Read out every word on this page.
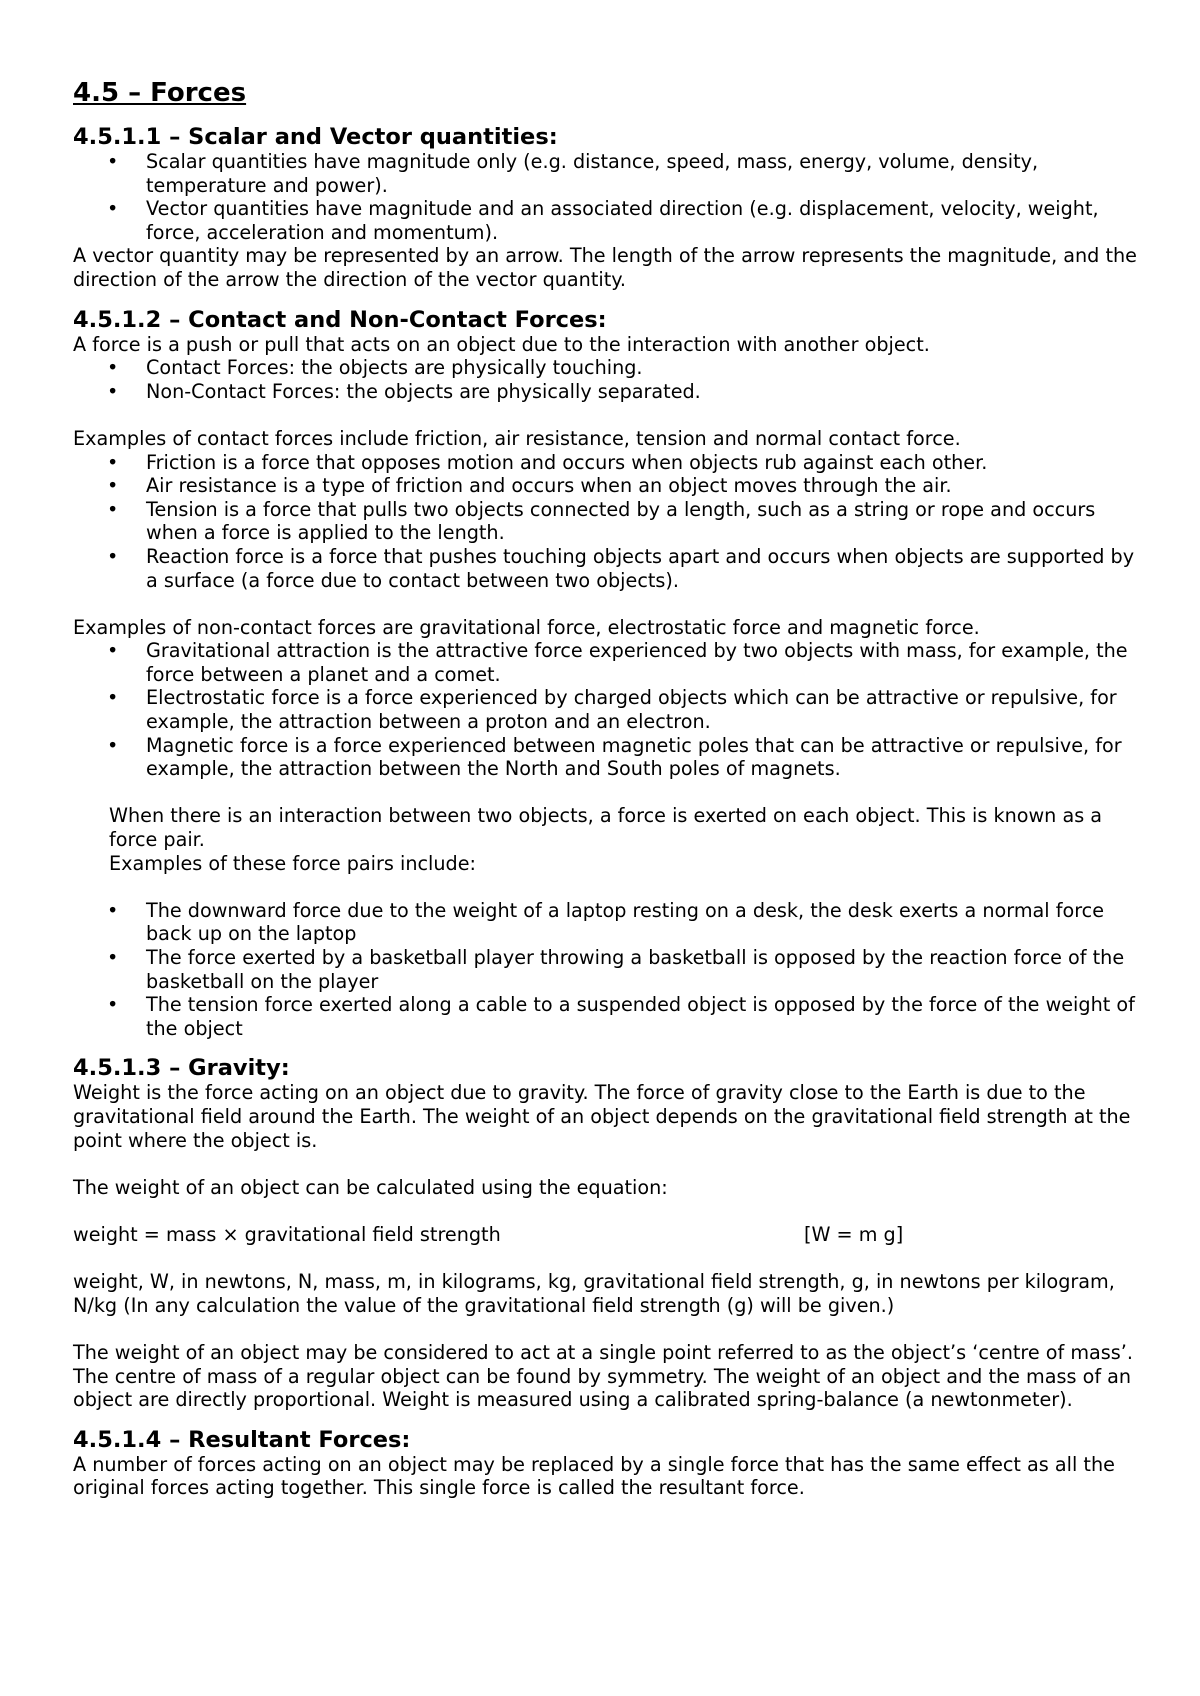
4.5 – Forces
4.5.1.1 – Scalar and Vector quantities:
• Scalar quantities have magnitude only (e.g. distance, speed, mass, energy, volume, density, temperature and power).
• Vector quantities have magnitude and an associated direction (e.g. displacement, velocity, weight, force, acceleration and momentum).

A vector quantity may be represented by an arrow. The length of the arrow represents the magnitude, and the direction of the arrow the direction of the vector quantity.

4.5.1.2 – Contact and Non-Contact Forces:

A force is a push or pull that acts on an object due to the interaction with another object.

• Contact Forces: the objects are physically touching.
• Non-Contact Forces: the objects are physically separated.

Examples of contact forces include friction, air resistance, tension and normal contact force.

• Friction is a force that opposes motion and occurs when objects rub against each other.
• Air resistance is a type of friction and occurs when an object moves through the air.
• Tension is a force that pulls two objects connected by a length, such as a string or rope and occurs when a force is applied to the length.
• Reaction force is a force that pushes touching objects apart and occurs when objects are supported by a surface (a force due to contact between two objects).

Examples of non-contact forces are gravitational force, electrostatic force and magnetic force.

• Gravitational attraction is the attractive force experienced by two objects with mass, for example, the force between a planet and a comet.
• Electrostatic force is a force experienced by charged objects which can be attractive or repulsive, for example, the attraction between a proton and an electron.
• Magnetic force is a force experienced between magnetic poles that can be attractive or repulsive, for example, the attraction between the North and South poles of magnets.

When there is an interaction between two objects, a force is exerted on each object. This is known as a force pair.

Examples of these force pairs include:

• The downward force due to the weight of a laptop resting on a desk, the desk exerts a normal force back up on the laptop
• The force exerted by a basketball player throwing a basketball is opposed by the reaction force of the basketball on the player
• The tension force exerted along a cable to a suspended object is opposed by the force of the weight of the object
4.5.1.3 – Gravity:

Weight is the force acting on an object due to gravity. The force of gravity close to the Earth is due to the gravitational field around the Earth. The weight of an object depends on the gravitational field strength at the point where the object is.

The weight of an object can be calculated using the equation:

weight = mass × gravitational field strength	[W = m g]

weight, W, in newtons, N, mass, m, in kilograms, kg, gravitational field strength, g, in newtons per kilogram, N/kg (In any calculation the value of the gravitational field strength (g) will be given.)

The weight of an object may be considered to act at a single point referred to as the object’s ‘centre of mass’. The centre of mass of a regular object can be found by symmetry. The weight of an object and the mass of an object are directly proportional. Weight is measured using a calibrated spring-balance (a newtonmeter).

4.5.1.4 – Resultant Forces:

A number of forces acting on an object may be replaced by a single force that has the same effect as all the original forces acting together. This single force is called the resultant force.
